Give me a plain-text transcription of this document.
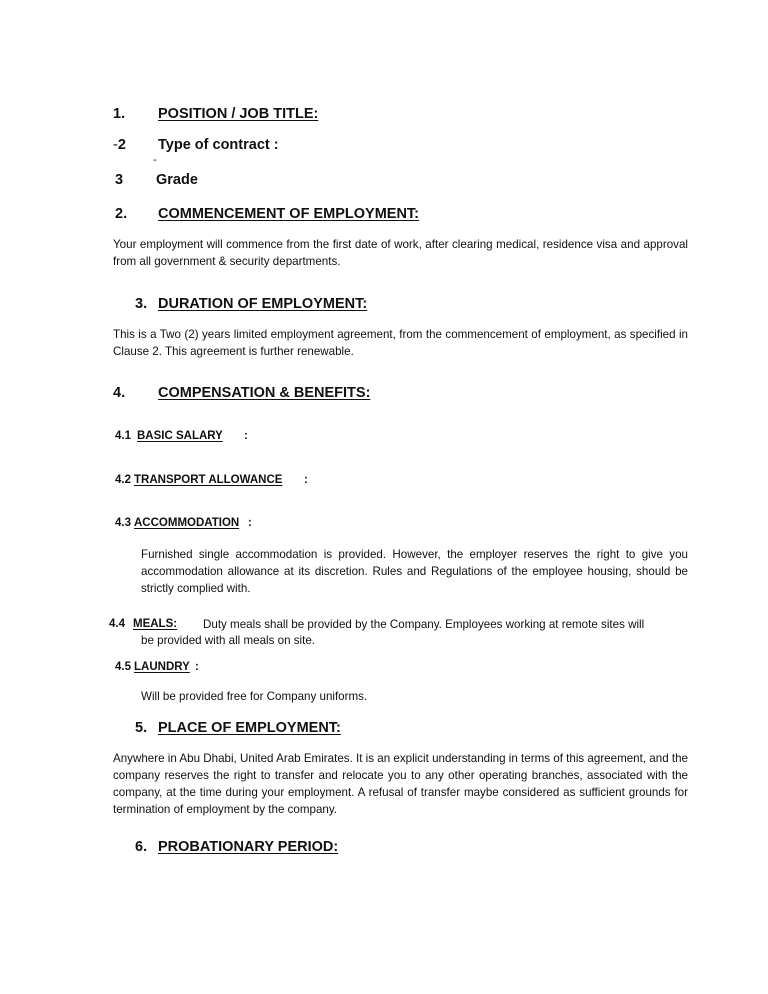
1. POSITION / JOB TITLE:
-2 Type of contract :
-
3 Grade
2. COMMENCEMENT OF EMPLOYMENT:
Your employment will commence from the first date of work, after clearing medical, residence visa and approval from all government & security departments.
3. DURATION OF EMPLOYMENT:
This is a Two (2) years limited employment agreement, from the commencement of employment, as specified in Clause 2. This agreement is further renewable.
4. COMPENSATION & BENEFITS:
4.1 BASIC SALARY :
4.2 TRANSPORT ALLOWANCE :
4.3 ACCOMMODATION :
Furnished single accommodation is provided. However, the employer reserves the right to give you accommodation allowance at its discretion. Rules and Regulations of the employee housing, should be strictly complied with.
4.4 MEALS: Duty meals shall be provided by the Company. Employees working at remote sites will
be provided with all meals on site.
4.5 LAUNDRY :
Will be provided free for Company uniforms.
5. PLACE OF EMPLOYMENT:
Anywhere in Abu Dhabi, United Arab Emirates. It is an explicit understanding in terms of this agreement, and the company reserves the right to transfer and relocate you to any other operating branches, associated with the company, at the time during your employment. A refusal of transfer maybe considered as sufficient grounds for termination of employment by the company.
6. PROBATIONARY PERIOD:
